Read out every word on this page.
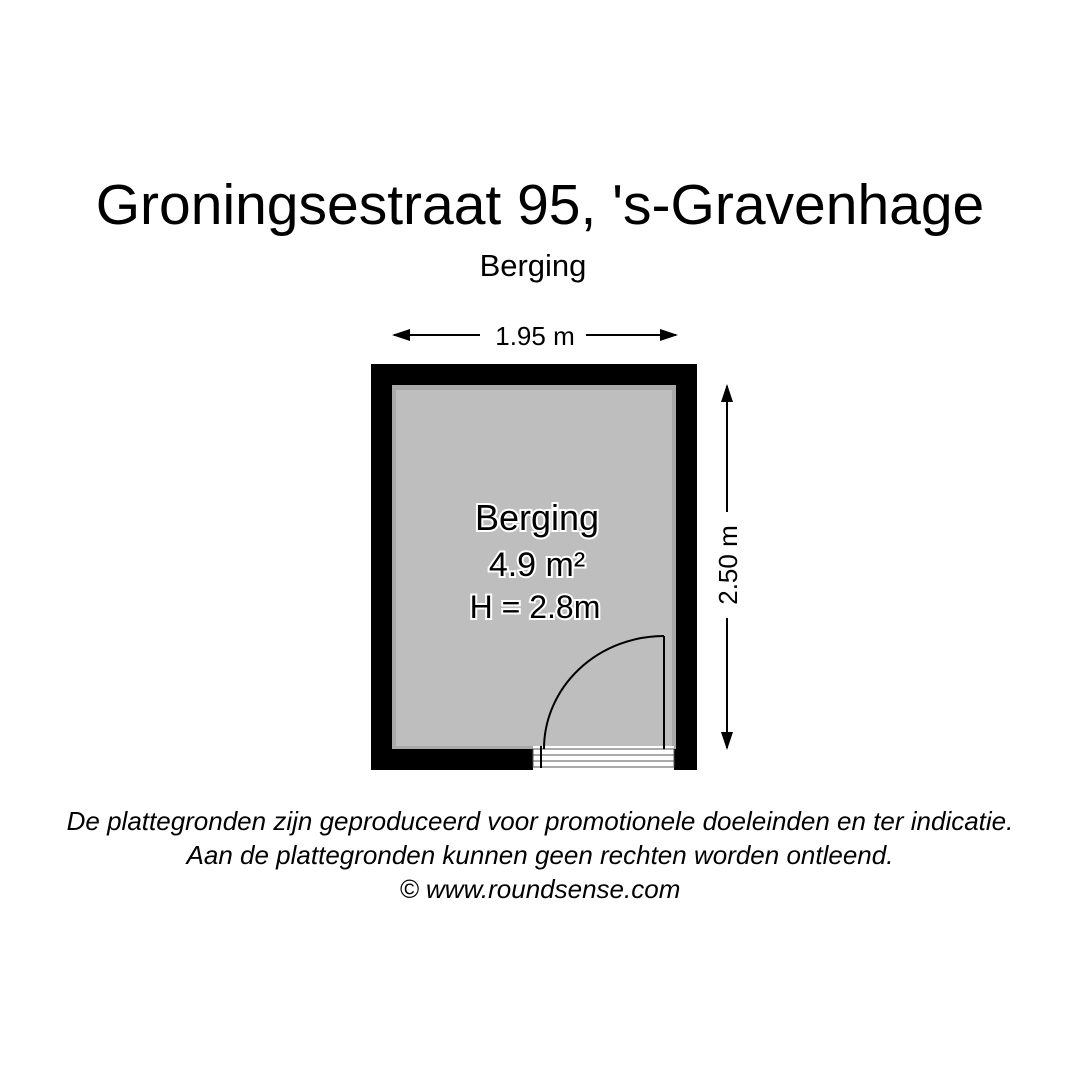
Groningsestraat 95, 's-Gravenhage
Berging
1.95 m
2.50 m
Berging
4.9 m²
H = 2.8m
De plattegronden zijn geproduceerd voor promotionele doeleinden en ter indicatie.
Aan de plattegronden kunnen geen rechten worden ontleend.
© www.roundsense.com
